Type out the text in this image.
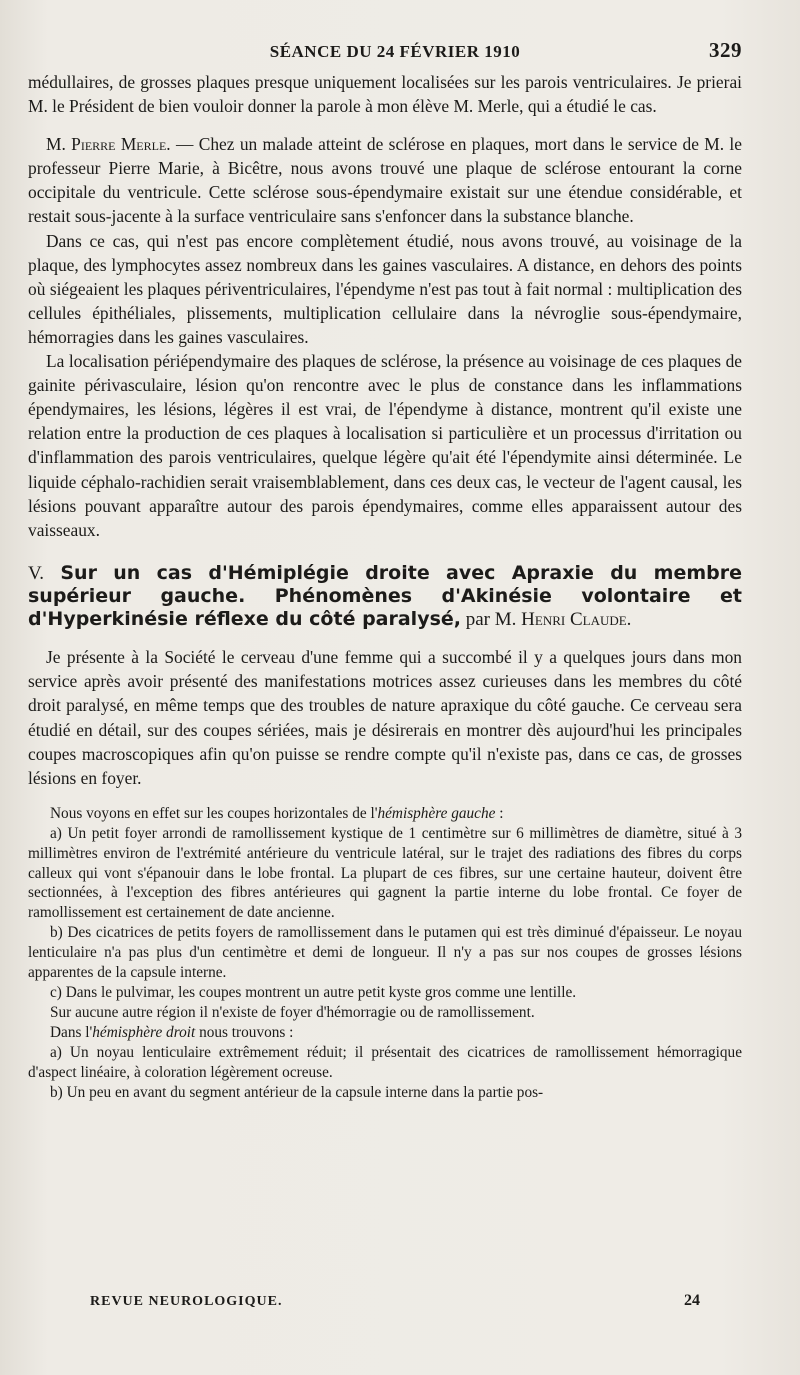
SÉANCE DU 24 FÉVRIER 1910	329

médullaires, de grosses plaques presque uniquement localisées sur les parois ventriculaires. Je prierai M. le Président de bien vouloir donner la parole à mon élève M. Merle, qui a étudié le cas.

M. Pierre Merle. — Chez un malade atteint de sclérose en plaques, mort dans le service de M. le professeur Pierre Marie, à Bicêtre, nous avons trouvé une plaque de sclérose entourant la corne occipitale du ventricule. Cette sclérose sous-épendymaire existait sur une étendue considérable, et restait sous-jacente à la surface ventriculaire sans s'enfoncer dans la substance blanche.

Dans ce cas, qui n'est pas encore complètement étudié, nous avons trouvé, au voisinage de la plaque, des lymphocytes assez nombreux dans les gaines vasculaires. A distance, en dehors des points où siégeaient les plaques périventriculaires, l'épendyme n'est pas tout à fait normal : multiplication des cellules épithéliales, plissements, multiplication cellulaire dans la névroglie sous-épendymaire, hémorragies dans les gaines vasculaires.

La localisation périépendymaire des plaques de sclérose, la présence au voisinage de ces plaques de gainite périvasculaire, lésion qu'on rencontre avec le plus de constance dans les inflammations épendymaires, les lésions, légères il est vrai, de l'épendyme à distance, montrent qu'il existe une relation entre la production de ces plaques à localisation si particulière et un processus d'irritation ou d'inflammation des parois ventriculaires, quelque légère qu'ait été l'épendymite ainsi déterminée. Le liquide céphalo-rachidien serait vraisemblablement, dans ces deux cas, le vecteur de l'agent causal, les lésions pouvant apparaître autour des parois épendymaires, comme elles apparaissent autour des vaisseaux.

V. Sur un cas d'Hémiplégie droite avec Apraxie du membre supérieur gauche. Phénomènes d'Akinésie volontaire et d'Hyperkinésie réflexe du côté paralysé, par M. Henri Claude.

Je présente à la Société le cerveau d'une femme qui a succombé il y a quelques jours dans mon service après avoir présenté des manifestations motrices assez curieuses dans les membres du côté droit paralysé, en même temps que des troubles de nature apraxique du côté gauche. Ce cerveau sera étudié en détail, sur des coupes sériées, mais je désirerais en montrer dès aujourd'hui les principales coupes macroscopiques afin qu'on puisse se rendre compte qu'il n'existe pas, dans ce cas, de grosses lésions en foyer.

Nous voyons en effet sur les coupes horizontales de l'hémisphère gauche :

a) Un petit foyer arrondi de ramollissement kystique de 1 centimètre sur 6 millimètres de diamètre, situé à 3 millimètres environ de l'extrémité antérieure du ventricule latéral, sur le trajet des radiations des fibres du corps calleux qui vont s'épanouir dans le lobe frontal. La plupart de ces fibres, sur une certaine hauteur, doivent être sectionnées, à l'exception des fibres antérieures qui gagnent la partie interne du lobe frontal. Ce foyer de ramollissement est certainement de date ancienne.

b) Des cicatrices de petits foyers de ramollissement dans le putamen qui est très diminué d'épaisseur. Le noyau lenticulaire n'a pas plus d'un centimètre et demi de longueur. Il n'y a pas sur nos coupes de grosses lésions apparentes de la capsule interne.

c) Dans le pulvimar, les coupes montrent un autre petit kyste gros comme une lentille.

Sur aucune autre région il n'existe de foyer d'hémorragie ou de ramollissement.

Dans l'hémisphère droit nous trouvons :

a) Un noyau lenticulaire extrêmement réduit; il présentait des cicatrices de ramollissement hémorragique d'aspect linéaire, à coloration légèrement ocreuse.

b) Un peu en avant du segment antérieur de la capsule interne dans la partie pos-

REVUE NEUROLOGIQUE.	24
